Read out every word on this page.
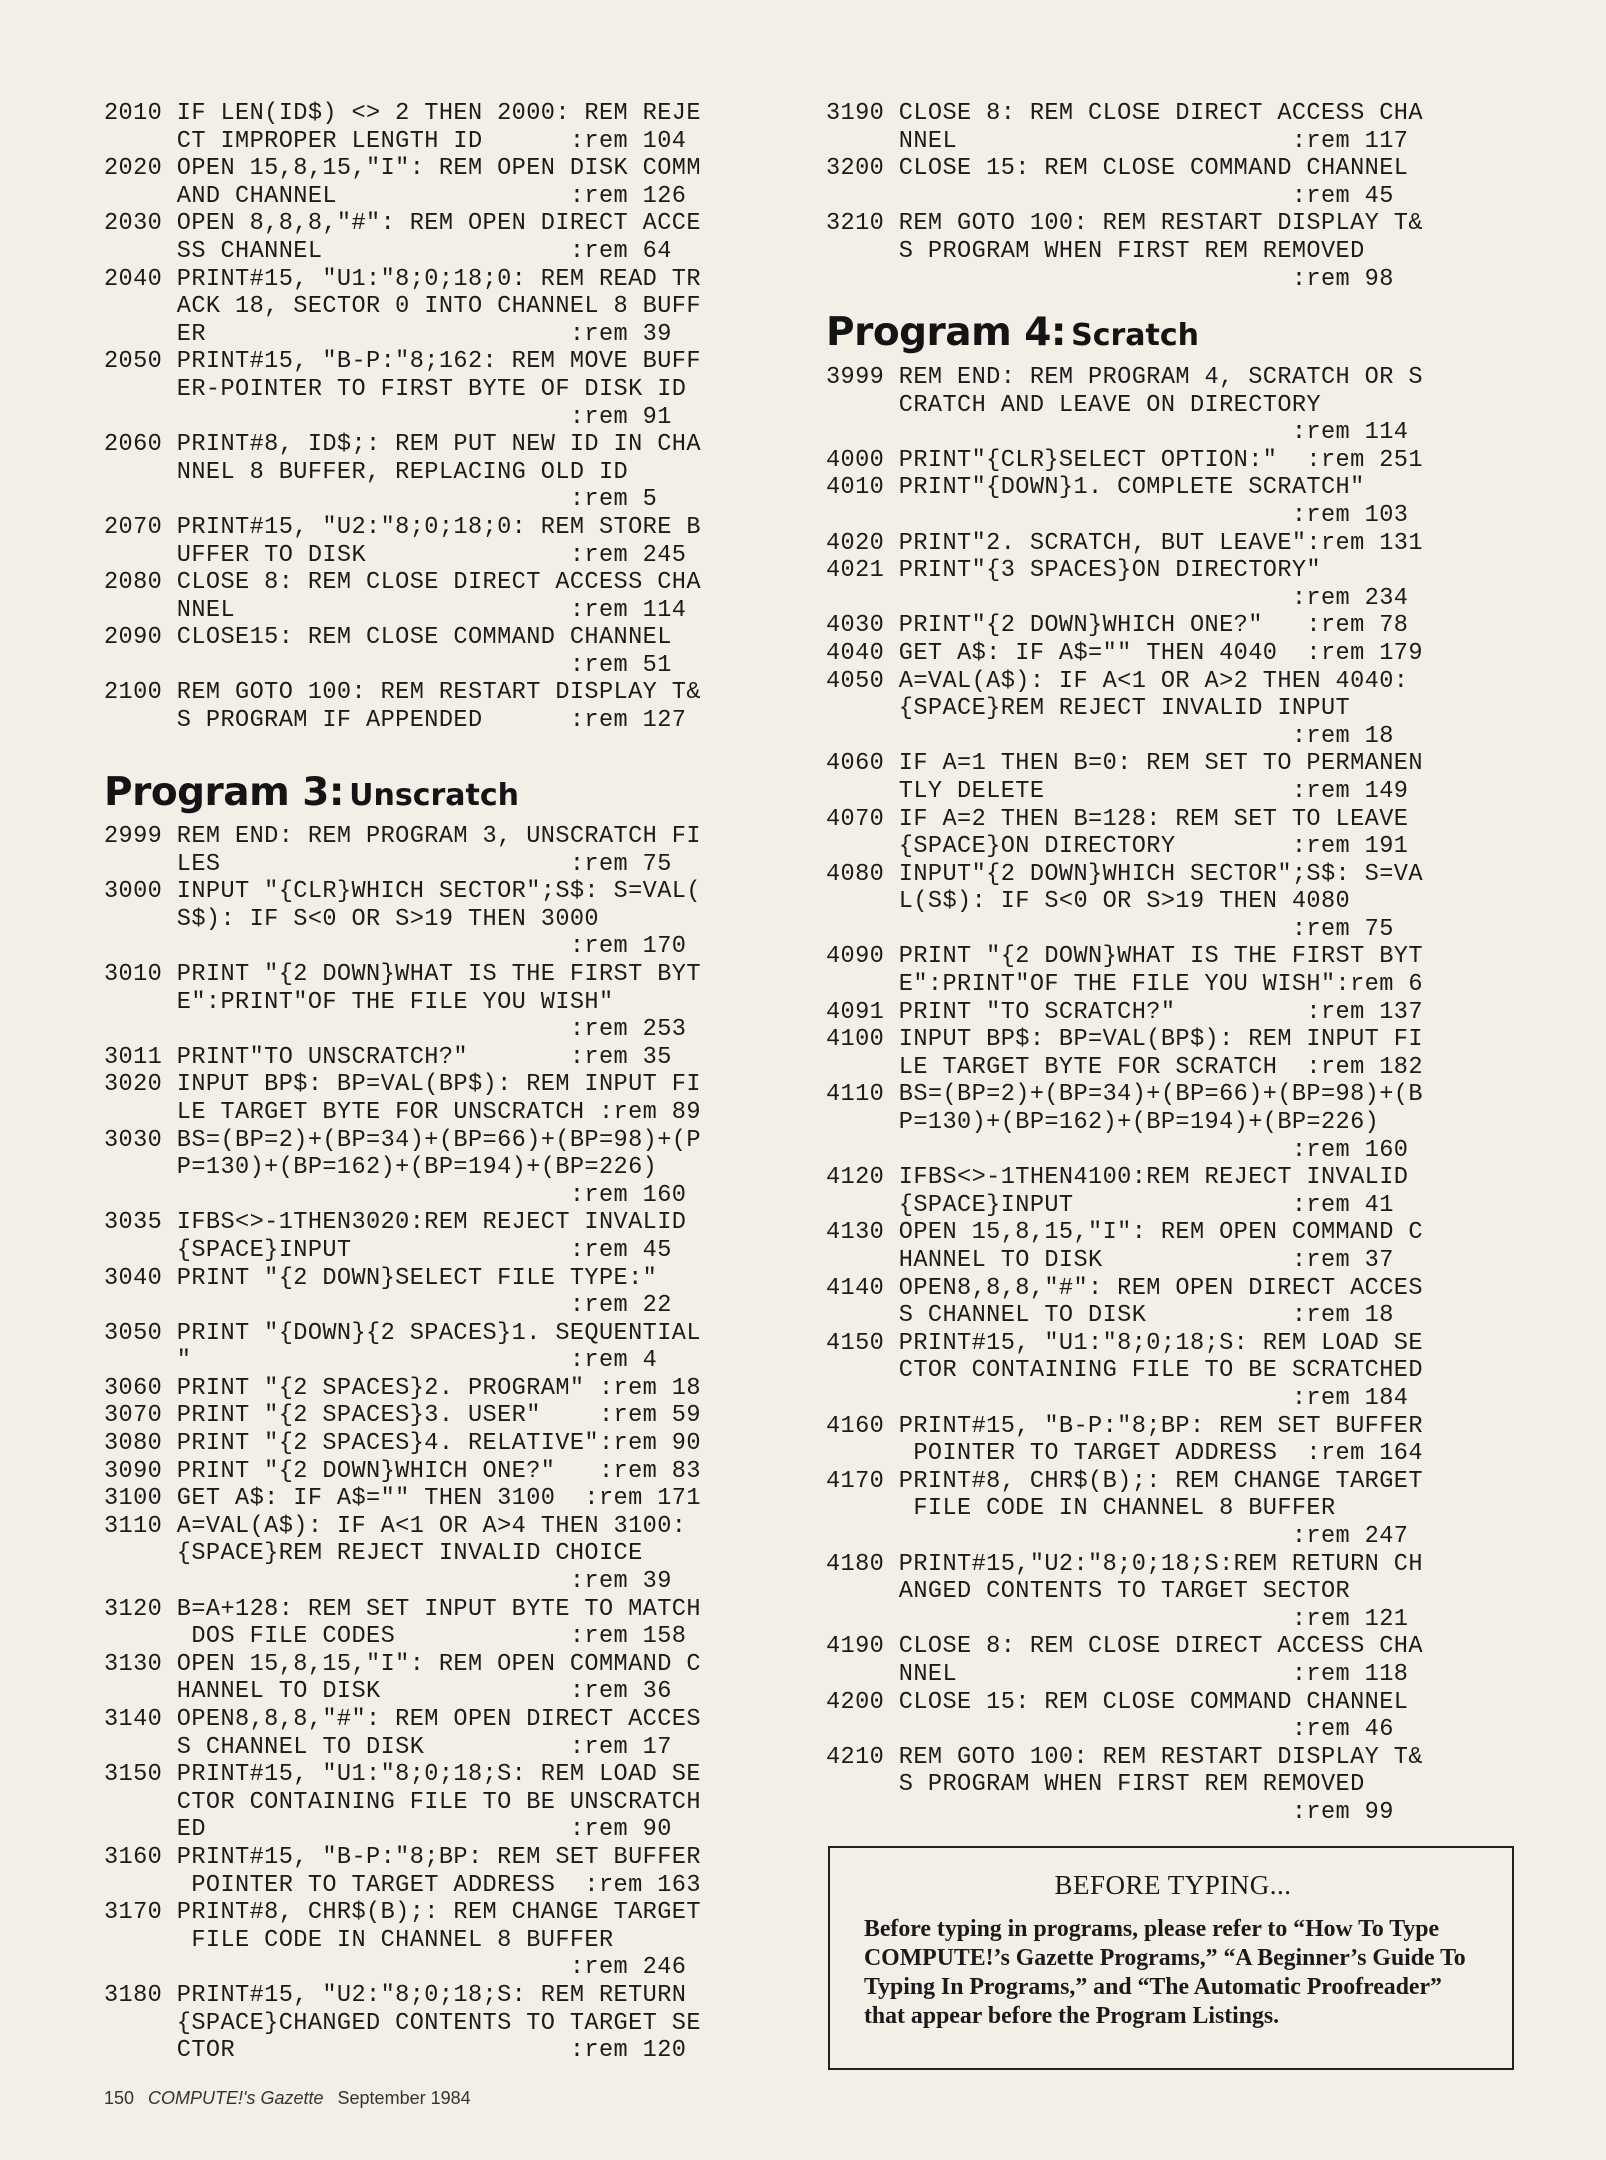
2010 IF LEN(ID$) <> 2 THEN 2000: REM REJE
CT IMPROPER LENGTH ID      :rem 104
2020 OPEN 15,8,15,"I": REM OPEN DISK COMM
AND CHANNEL                :rem 126
2030 OPEN 8,8,8,"#": REM OPEN DIRECT ACCE
SS CHANNEL                 :rem 64
2040 PRINT#15, "U1:"8;0;18;0: REM READ TR
ACK 18, SECTOR 0 INTO CHANNEL 8 BUFF
ER                         :rem 39
2050 PRINT#15, "B-P:"8;162: REM MOVE BUFF
ER-POINTER TO FIRST BYTE OF DISK ID
:rem 91
2060 PRINT#8, ID$;: REM PUT NEW ID IN CHA
NNEL 8 BUFFER, REPLACING OLD ID
:rem 5
2070 PRINT#15, "U2:"8;0;18;0: REM STORE B
UFFER TO DISK              :rem 245
2080 CLOSE 8: REM CLOSE DIRECT ACCESS CHA
NNEL                       :rem 114
2090 CLOSE15: REM CLOSE COMMAND CHANNEL
:rem 51
2100 REM GOTO 100: REM RESTART DISPLAY T&
S PROGRAM IF APPENDED      :rem 127
Program 3: Unscratch
2999 REM END: REM PROGRAM 3, UNSCRATCH FI
LES                        :rem 75
3000 INPUT "{CLR}WHICH SECTOR";S$: S=VAL(
S$): IF S<0 OR S>19 THEN 3000
:rem 170
3010 PRINT "{2 DOWN}WHAT IS THE FIRST BYT
E":PRINT"OF THE FILE YOU WISH"
:rem 253
3011 PRINT"TO UNSCRATCH?"       :rem 35
3020 INPUT BP$: BP=VAL(BP$): REM INPUT FI
LE TARGET BYTE FOR UNSCRATCH :rem 89
3030 BS=(BP=2)+(BP=34)+(BP=66)+(BP=98)+(P
P=130)+(BP=162)+(BP=194)+(BP=226)
:rem 160
3035 IFBS<>-1THEN3020:REM REJECT INVALID
{SPACE}INPUT               :rem 45
3040 PRINT "{2 DOWN}SELECT FILE TYPE:"
:rem 22
3050 PRINT "{DOWN}{2 SPACES}1. SEQUENTIAL
"                          :rem 4
3060 PRINT "{2 SPACES}2. PROGRAM" :rem 18
3070 PRINT "{2 SPACES}3. USER"    :rem 59
3080 PRINT "{2 SPACES}4. RELATIVE":rem 90
3090 PRINT "{2 DOWN}WHICH ONE?"   :rem 83
3100 GET A$: IF A$="" THEN 3100  :rem 171
3110 A=VAL(A$): IF A<1 OR A>4 THEN 3100:
{SPACE}REM REJECT INVALID CHOICE
:rem 39
3120 B=A+128: REM SET INPUT BYTE TO MATCH
DOS FILE CODES            :rem 158
3130 OPEN 15,8,15,"I": REM OPEN COMMAND C
HANNEL TO DISK             :rem 36
3140 OPEN8,8,8,"#": REM OPEN DIRECT ACCES
S CHANNEL TO DISK          :rem 17
3150 PRINT#15, "U1:"8;0;18;S: REM LOAD SE
CTOR CONTAINING FILE TO BE UNSCRATCH
ED                         :rem 90
3160 PRINT#15, "B-P:"8;BP: REM SET BUFFER
POINTER TO TARGET ADDRESS  :rem 163
3170 PRINT#8, CHR$(B);: REM CHANGE TARGET
FILE CODE IN CHANNEL 8 BUFFER
:rem 246
3180 PRINT#15, "U2:"8;0;18;S: REM RETURN
{SPACE}CHANGED CONTENTS TO TARGET SE
CTOR                       :rem 120
3190 CLOSE 8: REM CLOSE DIRECT ACCESS CHA
NNEL                       :rem 117
3200 CLOSE 15: REM CLOSE COMMAND CHANNEL
:rem 45
3210 REM GOTO 100: REM RESTART DISPLAY T&
S PROGRAM WHEN FIRST REM REMOVED
:rem 98
Program 4: Scratch
3999 REM END: REM PROGRAM 4, SCRATCH OR S
CRATCH AND LEAVE ON DIRECTORY
:rem 114
4000 PRINT"{CLR}SELECT OPTION:"  :rem 251
4010 PRINT"{DOWN}1. COMPLETE SCRATCH"
:rem 103
4020 PRINT"2. SCRATCH, BUT LEAVE":rem 131
4021 PRINT"{3 SPACES}ON DIRECTORY"
:rem 234
4030 PRINT"{2 DOWN}WHICH ONE?"   :rem 78
4040 GET A$: IF A$="" THEN 4040  :rem 179
4050 A=VAL(A$): IF A<1 OR A>2 THEN 4040:
{SPACE}REM REJECT INVALID INPUT
:rem 18
4060 IF A=1 THEN B=0: REM SET TO PERMANEN
TLY DELETE                 :rem 149
4070 IF A=2 THEN B=128: REM SET TO LEAVE
{SPACE}ON DIRECTORY        :rem 191
4080 INPUT"{2 DOWN}WHICH SECTOR";S$: S=VA
L(S$): IF S<0 OR S>19 THEN 4080
:rem 75
4090 PRINT "{2 DOWN}WHAT IS THE FIRST BYT
E":PRINT"OF THE FILE YOU WISH":rem 6
4091 PRINT "TO SCRATCH?"         :rem 137
4100 INPUT BP$: BP=VAL(BP$): REM INPUT FI
LE TARGET BYTE FOR SCRATCH  :rem 182
4110 BS=(BP=2)+(BP=34)+(BP=66)+(BP=98)+(B
P=130)+(BP=162)+(BP=194)+(BP=226)
:rem 160
4120 IFBS<>-1THEN4100:REM REJECT INVALID
{SPACE}INPUT               :rem 41
4130 OPEN 15,8,15,"I": REM OPEN COMMAND C
HANNEL TO DISK             :rem 37
4140 OPEN8,8,8,"#": REM OPEN DIRECT ACCES
S CHANNEL TO DISK          :rem 18
4150 PRINT#15, "U1:"8;0;18;S: REM LOAD SE
CTOR CONTAINING FILE TO BE SCRATCHED
:rem 184
4160 PRINT#15, "B-P:"8;BP: REM SET BUFFER
POINTER TO TARGET ADDRESS  :rem 164
4170 PRINT#8, CHR$(B);: REM CHANGE TARGET
FILE CODE IN CHANNEL 8 BUFFER
:rem 247
4180 PRINT#15,"U2:"8;0;18;S:REM RETURN CH
ANGED CONTENTS TO TARGET SECTOR
:rem 121
4190 CLOSE 8: REM CLOSE DIRECT ACCESS CHA
NNEL                       :rem 118
4200 CLOSE 15: REM CLOSE COMMAND CHANNEL
:rem 46
4210 REM GOTO 100: REM RESTART DISPLAY T&
S PROGRAM WHEN FIRST REM REMOVED
:rem 99
BEFORE TYPING...

Before typing in programs, please refer to “How To Type COMPUTE!’s Gazette Programs,” “A Beginner’s Guide To Typing In Programs,” and “The Automatic Proofreader” that appear before the Program Listings.

150 COMPUTE!'s Gazette September 1984
